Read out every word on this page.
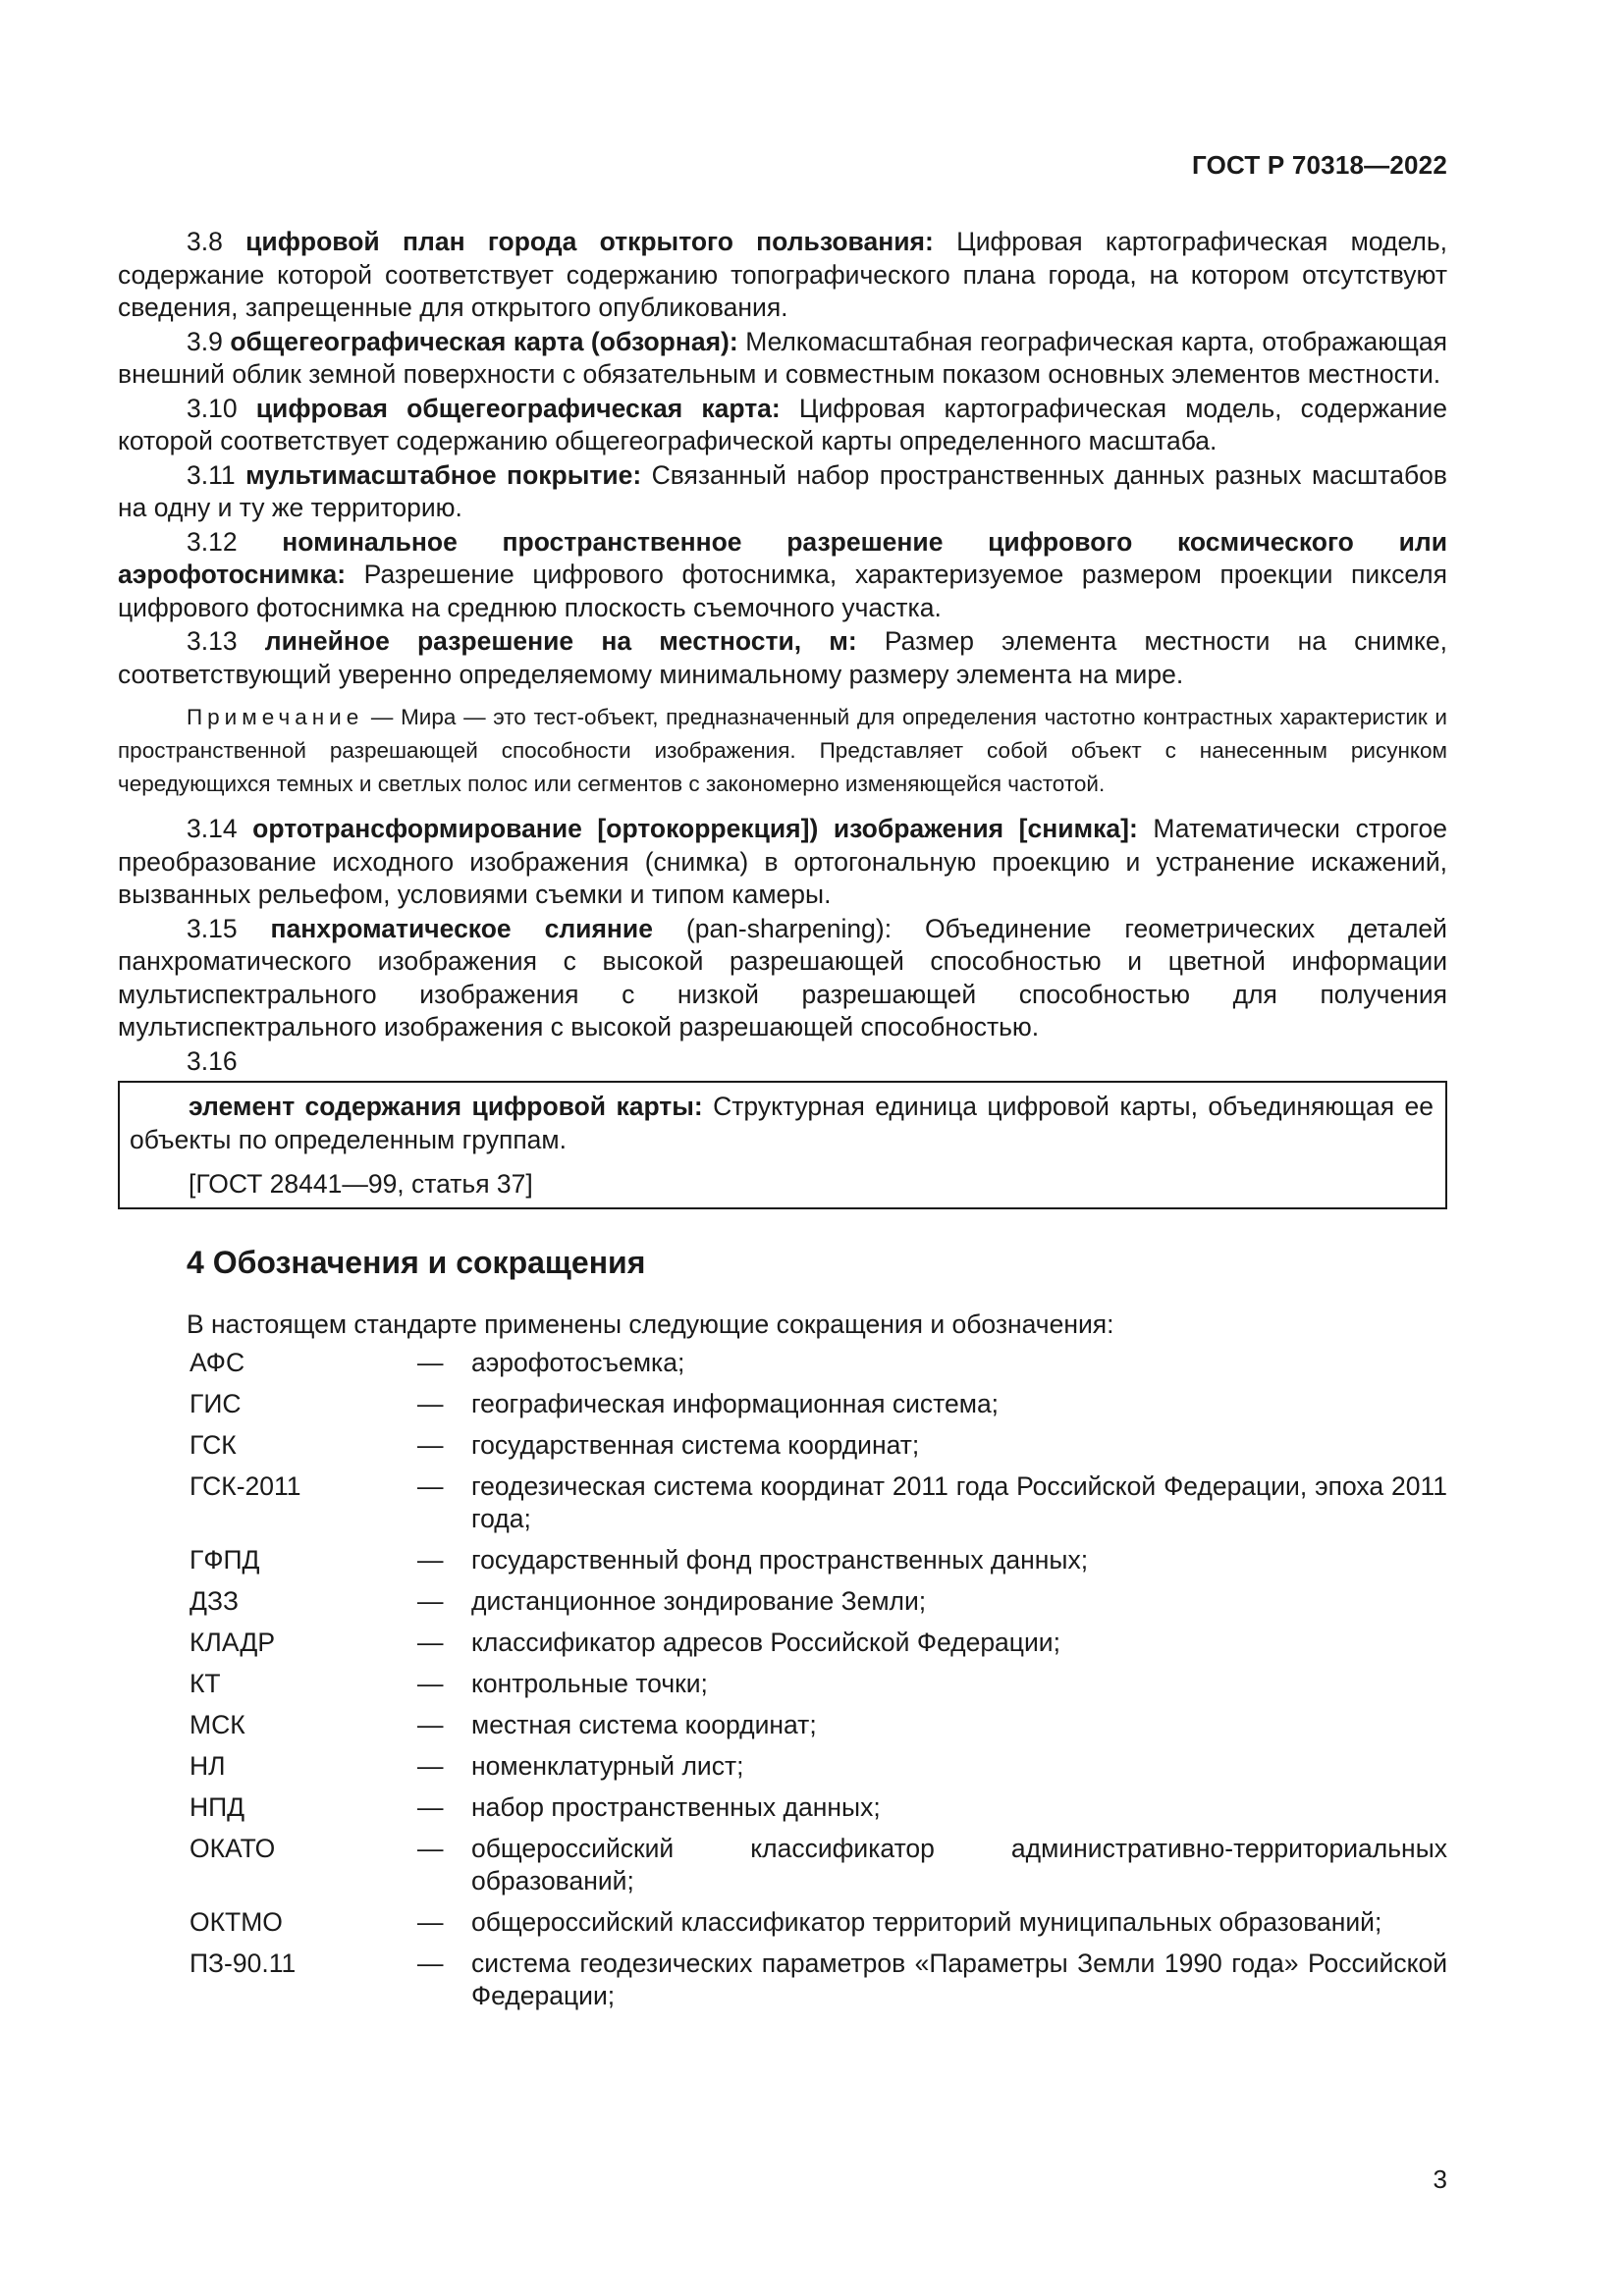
ГОСТ Р 70318—2022

3.8 цифровой план города открытого пользования: Цифровая картографическая модель, содержание которой соответствует содержанию топографического плана города, на котором отсутствуют сведения, запрещенные для открытого опубликования.

3.9 общегеографическая карта (обзорная): Мелкомасштабная географическая карта, отображающая внешний облик земной поверхности с обязательным и совместным показом основных элементов местности.

3.10 цифровая общегеографическая карта: Цифровая картографическая модель, содержание которой соответствует содержанию общегеографической карты определенного масштаба.

3.11 мультимасштабное покрытие: Связанный набор пространственных данных разных масштабов на одну и ту же территорию.

3.12 номинальное пространственное разрешение цифрового космического или аэрофотоснимка: Разрешение цифрового фотоснимка, характеризуемое размером проекции пикселя цифрового фотоснимка на среднюю плоскость съемочного участка.

3.13 линейное разрешение на местности, м: Размер элемента местности на снимке, соответствующий уверенно определяемому минимальному размеру элемента на мире.

Примечание — Мира — это тест-объект, предназначенный для определения частотно контрастных характеристик и пространственной разрешающей способности изображения. Представляет собой объект с нанесенным рисунком чередующихся темных и светлых полос или сегментов с закономерно изменяющейся частотой.

3.14 ортотрансформирование [ортокоррекция]) изображения [снимка]: Математически строгое преобразование исходного изображения (снимка) в ортогональную проекцию и устранение искажений, вызванных рельефом, условиями съемки и типом камеры.

3.15 панхроматическое слияние (pan-sharpening): Объединение геометрических деталей панхроматического изображения с высокой разрешающей способностью и цветной информации мультиспектрального изображения с низкой разрешающей способностью для получения мультиспектрального изображения с высокой разрешающей способностью.

3.16

элемент содержания цифровой карты: Структурная единица цифровой карты, объединяющая ее объекты по определенным группам.

[ГОСТ 28441—99, статья 37]

4 Обозначения и сокращения
В настоящем стандарте применены следующие сокращения и обозначения:
АФС	—	аэрофотосъемка;
ГИС	—	географическая информационная система;
ГСК	—	государственная система координат;
ГСК-2011	—	геодезическая система координат 2011 года Российской Федерации, эпоха 2011 года;
ГФПД	—	государственный фонд пространственных данных;
ДЗЗ	—	дистанционное зондирование Земли;
КЛАДР	—	классификатор адресов Российской Федерации;
КТ	—	контрольные точки;
МСК	—	местная система координат;
НЛ	—	номенклатурный лист;
НПД	—	набор пространственных данных;
ОКАТО	—	общероссийский классификатор административно-территориальных образований;
ОКТМО	—	общероссийский классификатор территорий муниципальных образований;
ПЗ-90.11	—	система геодезических параметров «Параметры Земли 1990 года» Российской Федерации;
3
